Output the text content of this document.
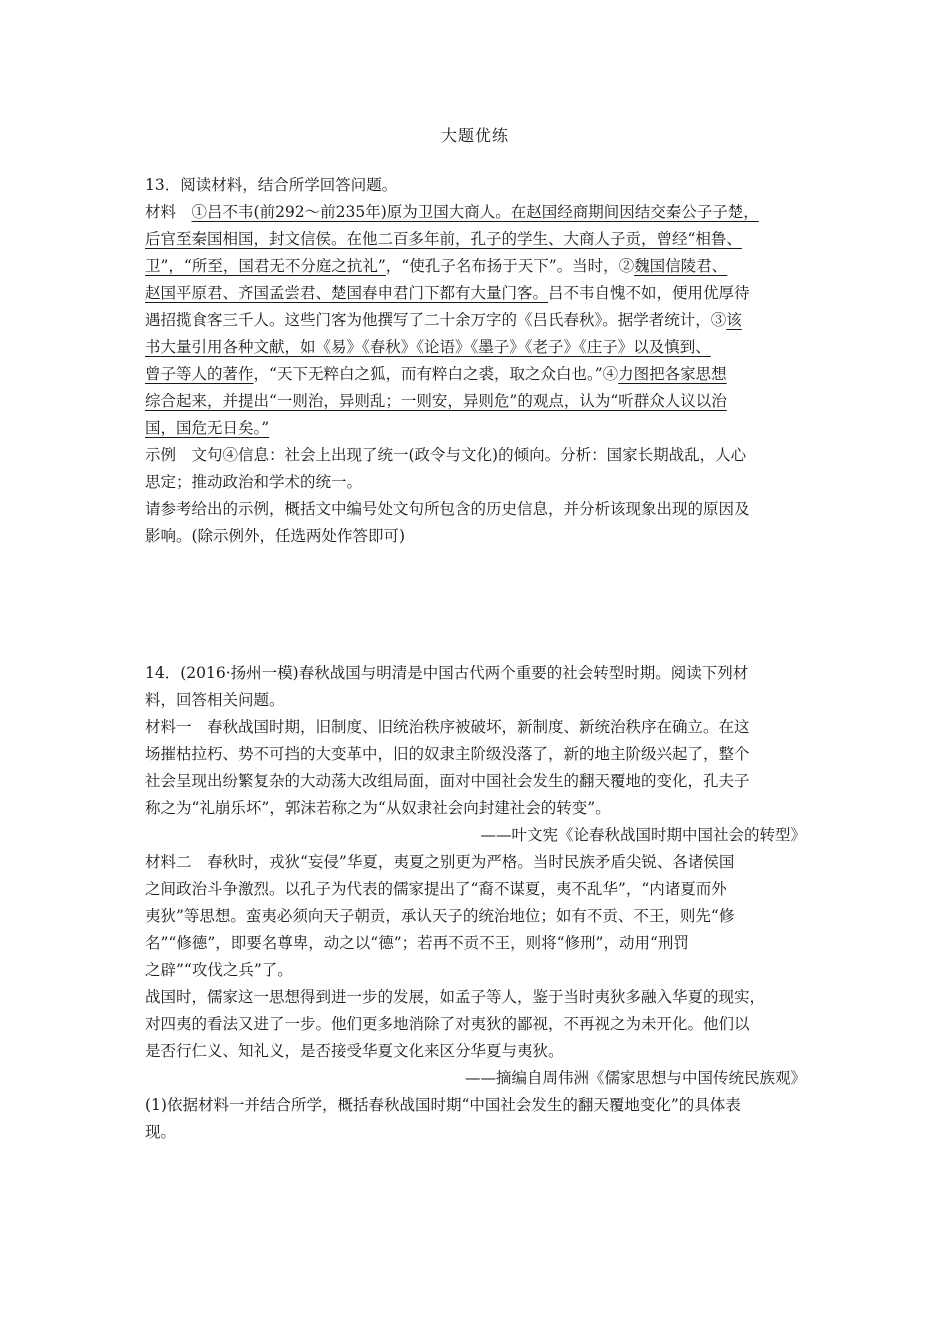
大题优练
13．阅读材料，结合所学回答问题。
材料　①吕不韦(前292～前235年)原为卫国大商人。在赵国经商期间因结交秦公子子楚，
后官至秦国相国，封文信侯。在他二百多年前，孔子的学生、大商人子贡，曾经“相鲁、
卫”，“所至，国君无不分庭之抗礼”，“使孔子名布扬于天下”。当时，②魏国信陵君、
赵国平原君、齐国孟尝君、楚国春申君门下都有大量门客。吕不韦自愧不如，便用优厚待
遇招揽食客三千人。这些门客为他撰写了二十余万字的《吕氏春秋》。据学者统计，③该
书大量引用各种文献，如《易》《春秋》《论语》《墨子》《老子》《庄子》以及慎到、
曾子等人的著作，“天下无粹白之狐，而有粹白之裘，取之众白也。”④力图把各家思想
综合起来，并提出“一则治，异则乱；一则安，异则危”的观点，认为“听群众人议以治
国，国危无日矣。”
示例　文句④信息：社会上出现了统一(政令与文化)的倾向。分析：国家长期战乱，人心
思定；推动政治和学术的统一。
请参考给出的示例，概括文中编号处文句所包含的历史信息，并分析该现象出现的原因及
影响。(除示例外，任选两处作答即可)
14．(2016·扬州一模)春秋战国与明清是中国古代两个重要的社会转型时期。阅读下列材
料，回答相关问题。
材料一　春秋战国时期，旧制度、旧统治秩序被破坏，新制度、新统治秩序在确立。在这
场摧枯拉朽、势不可挡的大变革中，旧的奴隶主阶级没落了，新的地主阶级兴起了，整个
社会呈现出纷繁复杂的大动荡大改组局面，面对中国社会发生的翻天覆地的变化，孔夫子
称之为“礼崩乐坏”，郭沫若称之为“从奴隶社会向封建社会的转变”。
——叶文宪《论春秋战国时期中国社会的转型》
材料二　春秋时，戎狄“妄侵”华夏，夷夏之别更为严格。当时民族矛盾尖锐、各诸侯国
之间政治斗争激烈。以孔子为代表的儒家提出了“裔不谋夏，夷不乱华”，“内诸夏而外
夷狄”等思想。蛮夷必须向天子朝贡，承认天子的统治地位；如有不贡、不王，则先“修
名”“修德”，即要名尊卑，动之以“德”；若再不贡不王，则将“修刑”，动用“刑罚
之辟”“攻伐之兵”了。
战国时，儒家这一思想得到进一步的发展，如孟子等人，鉴于当时夷狄多融入华夏的现实，
对四夷的看法又进了一步。他们更多地消除了对夷狄的鄙视，不再视之为未开化。他们以
是否行仁义、知礼义，是否接受华夏文化来区分华夏与夷狄。
——摘编自周伟洲《儒家思想与中国传统民族观》
(1)依据材料一并结合所学，概括春秋战国时期“中国社会发生的翻天覆地变化”的具体表
现。
